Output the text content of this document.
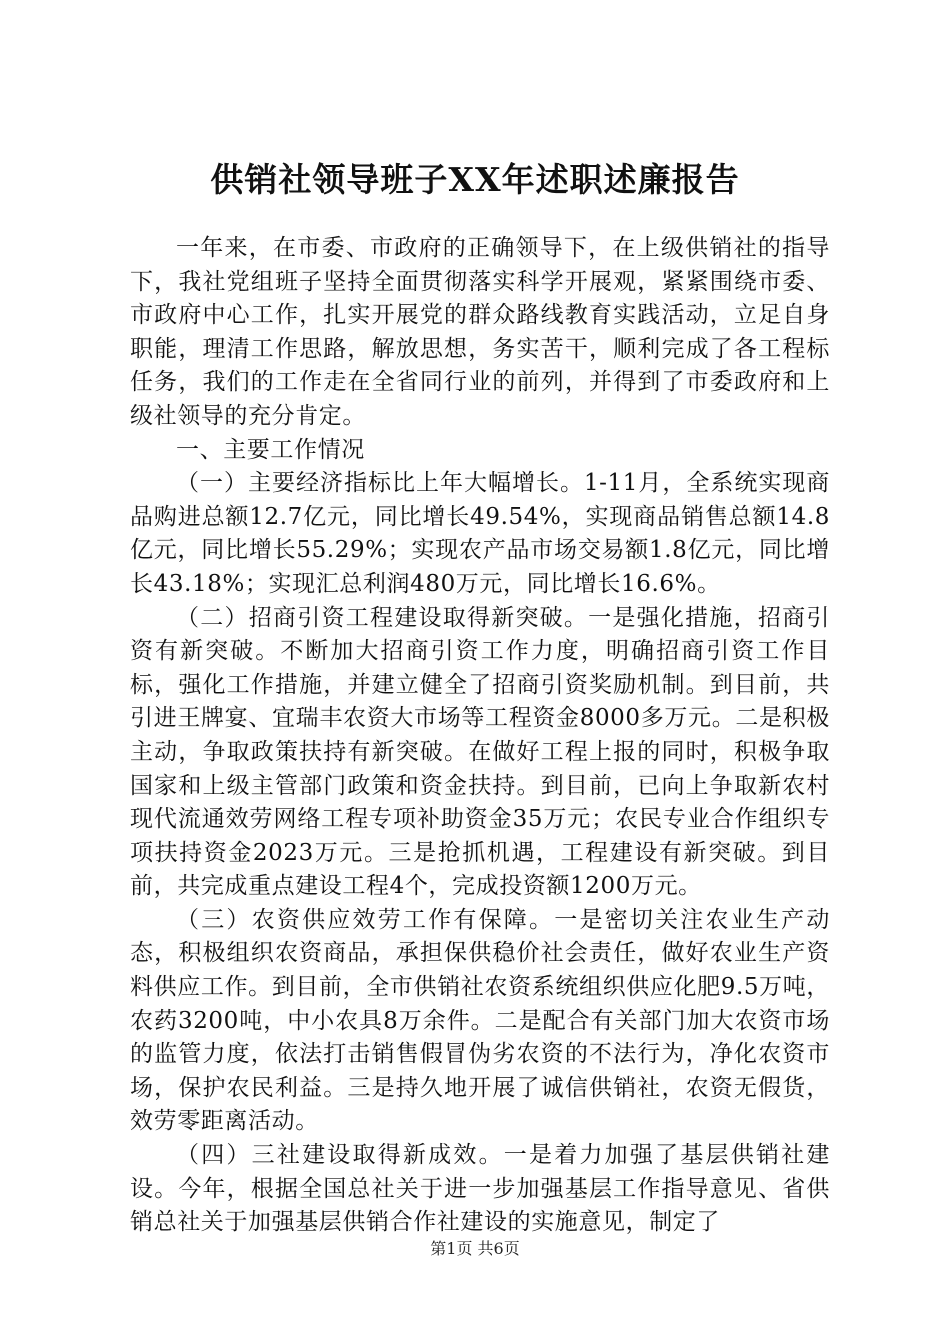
供销社领导班子XX年述职述廉报告

一年来，在市委、市政府的正确领导下，在上级供销社的指导下，我社党组班子坚持全面贯彻落实科学开展观，紧紧围绕市委、市政府中心工作，扎实开展党的群众路线教育实践活动，立足自身职能，理清工作思路，解放思想，务实苦干，顺利完成了各工程标任务，我们的工作走在全省同行业的前列，并得到了市委政府和上级社领导的充分肯定。

一、主要工作情况

（一）主要经济指标比上年大幅增长。1-11月，全系统实现商品购进总额12.7亿元，同比增长49.54%，实现商品销售总额14.8亿元，同比增长55.29%；实现农产品市场交易额1.8亿元，同比增长43.18%；实现汇总利润480万元，同比增长16.6%。

（二）招商引资工程建设取得新突破。一是强化措施，招商引资有新突破。不断加大招商引资工作力度，明确招商引资工作目标，强化工作措施，并建立健全了招商引资奖励机制。到目前，共引进王牌宴、宜瑞丰农资大市场等工程资金8000多万元。二是积极主动，争取政策扶持有新突破。在做好工程上报的同时，积极争取国家和上级主管部门政策和资金扶持。到目前，已向上争取新农村现代流通效劳网络工程专项补助资金35万元；农民专业合作组织专项扶持资金2023万元。三是抢抓机遇，工程建设有新突破。到目前，共完成重点建设工程4个，完成投资额1200万元。

（三）农资供应效劳工作有保障。一是密切关注农业生产动态，积极组织农资商品，承担保供稳价社会责任，做好农业生产资料供应工作。到目前，全市供销社农资系统组织供应化肥9.5万吨，农药3200吨，中小农具8万余件。二是配合有关部门加大农资市场的监管力度，依法打击销售假冒伪劣农资的不法行为，净化农资市场，保护农民利益。三是持久地开展了诚信供销社，农资无假货，效劳零距离活动。

（四）三社建设取得新成效。一是着力加强了基层供销社建设。今年，根据全国总社关于进一步加强基层工作指导意见、省供销总社关于加强基层供销合作社建设的实施意见，制定了

第1页 共6页
